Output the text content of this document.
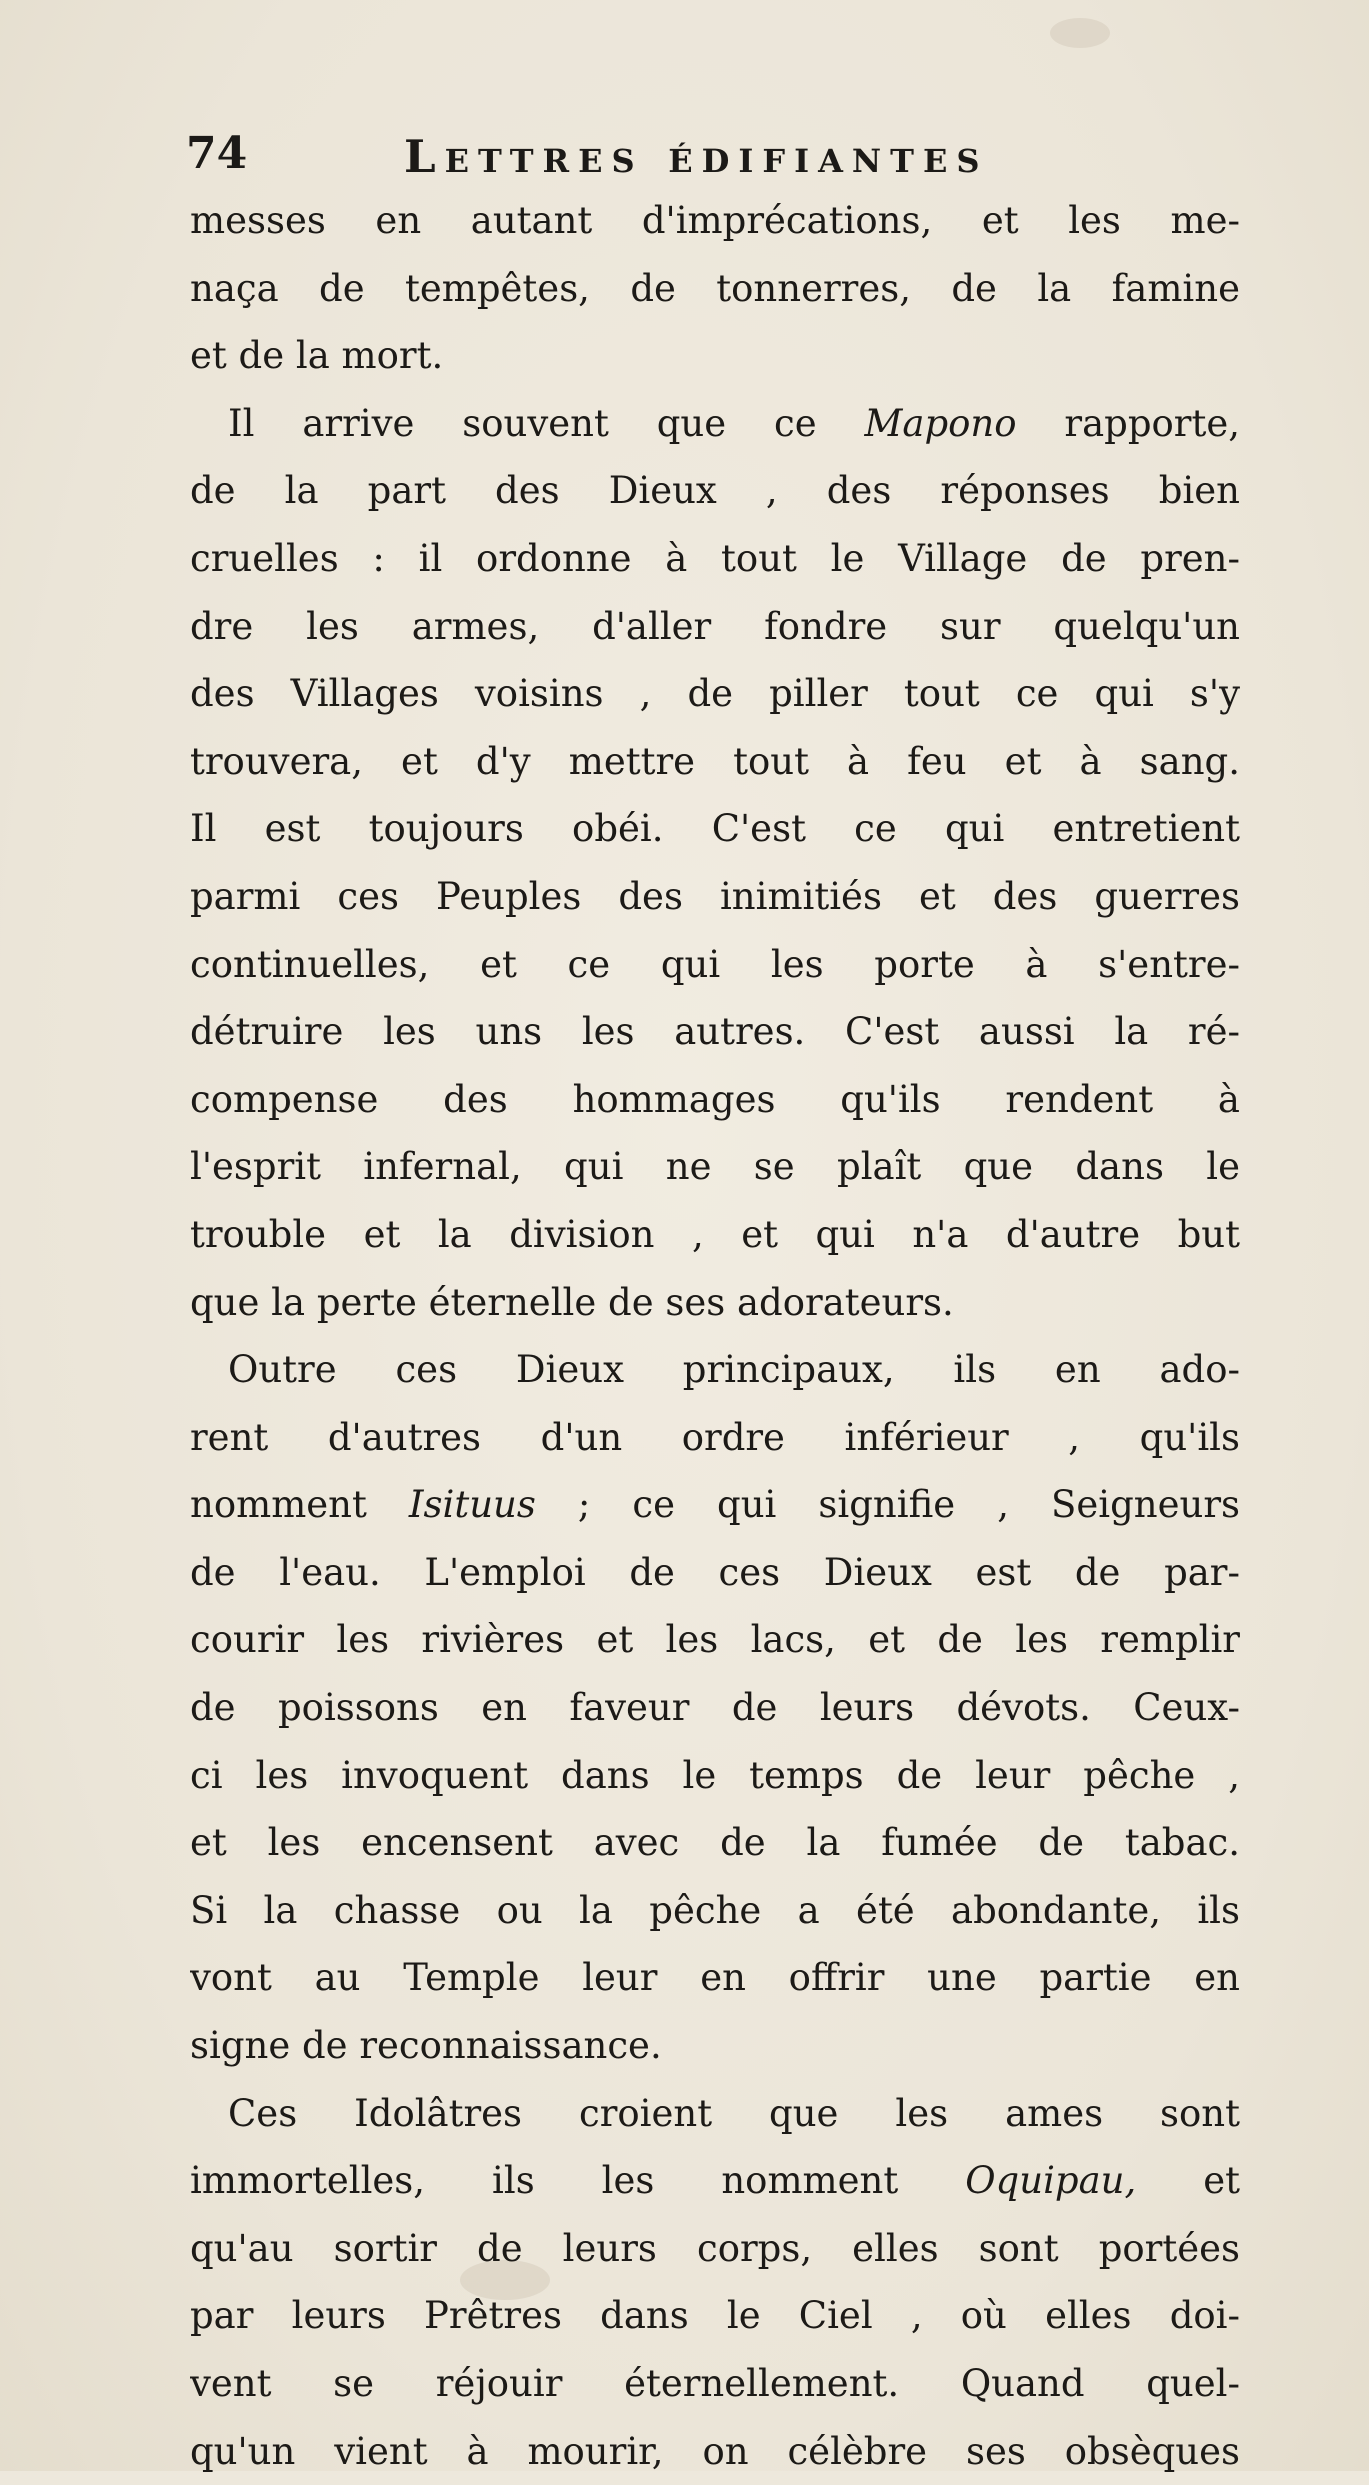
74	Lettres édifiantes
messes en autant d'imprécations, et les me-
naça de tempêtes, de tonnerres, de la famine
et de la mort.
Il arrive souvent que ce Mapono rapporte,
de la part des Dieux , des réponses bien
cruelles : il ordonne à tout le Village de pren-
dre les armes, d'aller fondre sur quelqu'un
des Villages voisins , de piller tout ce qui s'y
trouvera, et d'y mettre tout à feu et à sang.
Il est toujours obéi. C'est ce qui entretient
parmi ces Peuples des inimitiés et des guerres
continuelles, et ce qui les porte à s'entre-
détruire les uns les autres. C'est aussi la ré-
compense des hommages qu'ils rendent à
l'esprit infernal, qui ne se plaît que dans le
trouble et la division , et qui n'a d'autre but
que la perte éternelle de ses adorateurs.
Outre ces Dieux principaux, ils en ado-
rent d'autres d'un ordre inférieur , qu'ils
nomment Isituus ; ce qui signifie , Seigneurs
de l'eau. L'emploi de ces Dieux est de par-
courir les rivières et les lacs, et de les remplir
de poissons en faveur de leurs dévots. Ceux-
ci les invoquent dans le temps de leur pêche ,
et les encensent avec de la fumée de tabac.
Si la chasse ou la pêche a été abondante, ils
vont au Temple leur en offrir une partie en
signe de reconnaissance.
Ces Idolâtres croient que les ames sont
immortelles, ils les nomment Oquipau, et
qu'au sortir de leurs corps, elles sont portées
par leurs Prêtres dans le Ciel , où elles doi-
vent se réjouir éternellement. Quand quel-
qu'un vient à mourir, on célèbre ses obsèques
